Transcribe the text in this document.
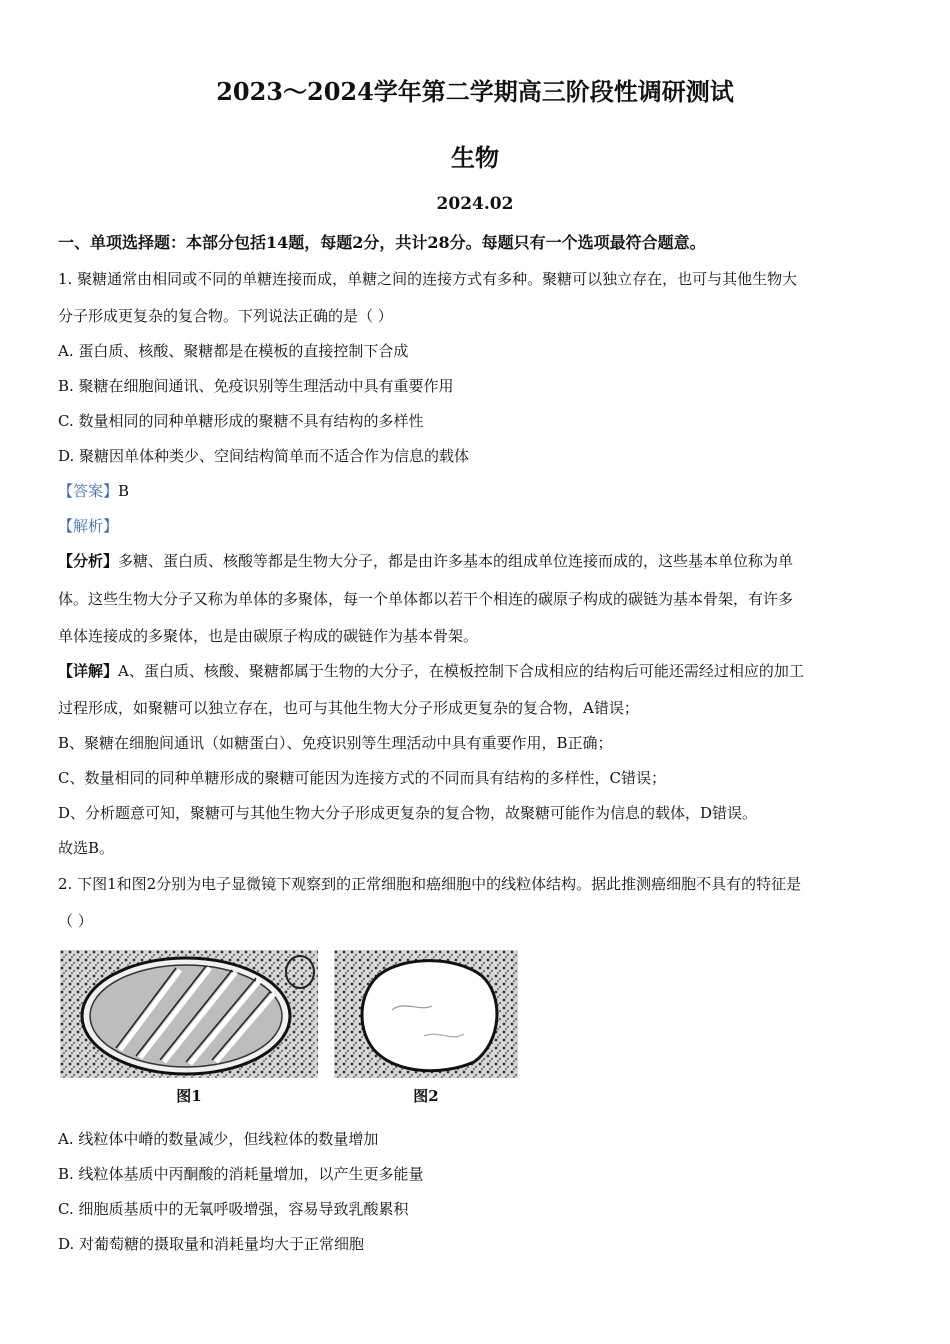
2023～2024学年第二学期高三阶段性调研测试
生物
2024.02
一、单项选择题：本部分包括14题，每题2分，共计28分。每题只有一个选项最符合题意。
1. 聚糖通常由相同或不同的单糖连接而成，单糖之间的连接方式有多种。聚糖可以独立存在，也可与其他生物大
分子形成更复杂的复合物。下列说法正确的是（ ）
A. 蛋白质、核酸、聚糖都是在模板的直接控制下合成
B. 聚糖在细胞间通讯、免疫识别等生理活动中具有重要作用
C. 数量相同的同种单糖形成的聚糖不具有结构的多样性
D. 聚糖因单体种类少、空间结构简单而不适合作为信息的载体
【答案】B
【解析】
【分析】多糖、蛋白质、核酸等都是生物大分子，都是由许多基本的组成单位连接而成的，这些基本单位称为单
体。这些生物大分子又称为单体的多聚体，每一个单体都以若干个相连的碳原子构成的碳链为基本骨架，有许多
单体连接成的多聚体，也是由碳原子构成的碳链作为基本骨架。
【详解】A、蛋白质、核酸、聚糖都属于生物的大分子，在模板控制下合成相应的结构后可能还需经过相应的加工
过程形成，如聚糖可以独立存在，也可与其他生物大分子形成更复杂的复合物，A错误；
B、聚糖在细胞间通讯（如糖蛋白）、免疫识别等生理活动中具有重要作用，B正确；
C、数量相同的同种单糖形成的聚糖可能因为连接方式的不同而具有结构的多样性，C错误；
D、分析题意可知，聚糖可与其他生物大分子形成更复杂的复合物，故聚糖可能作为信息的载体，D错误。
故选B。
2. 下图1和图2分别为电子显微镜下观察到的正常细胞和癌细胞中的线粒体结构。据此推测癌细胞不具有的特征是
（ ）
图1	图2
A. 线粒体中嵴的数量减少，但线粒体的数量增加
B. 线粒体基质中丙酮酸的消耗量增加，以产生更多能量
C. 细胞质基质中的无氧呼吸增强，容易导致乳酸累积
D. 对葡萄糖的摄取量和消耗量均大于正常细胞
